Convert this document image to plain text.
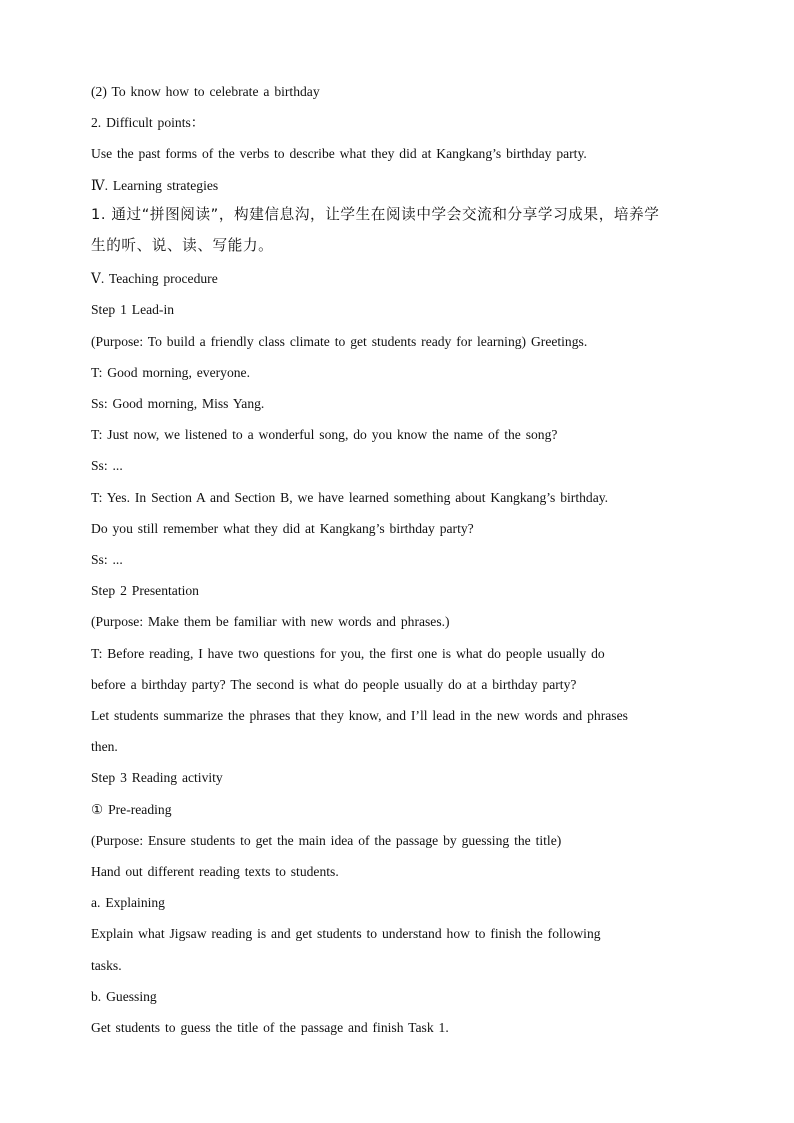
(2) To know how to celebrate a birthday
2. Difficult points：
Use the past forms of the verbs to describe what they did at Kangkang’s birthday party.
Ⅳ. Learning strategies
1. 通过“拼图阅读”，构建信息沟，让学生在阅读中学会交流和分享学习成果，培养学
生的听、说、读、写能力。
Ⅴ. Teaching procedure
Step 1 Lead-in
(Purpose: To build a friendly class climate to get students ready for learning) Greetings.
T: Good morning, everyone.
Ss: Good morning, Miss Yang.
T: Just now, we listened to a wonderful song, do you know the name of the song?
Ss: ...
T: Yes. In Section A and Section B, we have learned something about Kangkang’s birthday.
Do you still remember what they did at Kangkang’s birthday party?
Ss: ...
Step 2 Presentation
(Purpose: Make them be familiar with new words and phrases.)
T: Before reading, I have two questions for you, the first one is what do people usually do
before a birthday party? The second is what do people usually do at a birthday party?
Let students summarize the phrases that they know, and I’ll lead in the new words and phrases
then.
Step 3 Reading activity
① Pre-reading
(Purpose: Ensure students to get the main idea of the passage by guessing the title)
Hand out different reading texts to students.
a. Explaining
Explain what Jigsaw reading is and get students to understand how to finish the following
tasks.
b. Guessing
Get students to guess the title of the passage and finish Task 1.
